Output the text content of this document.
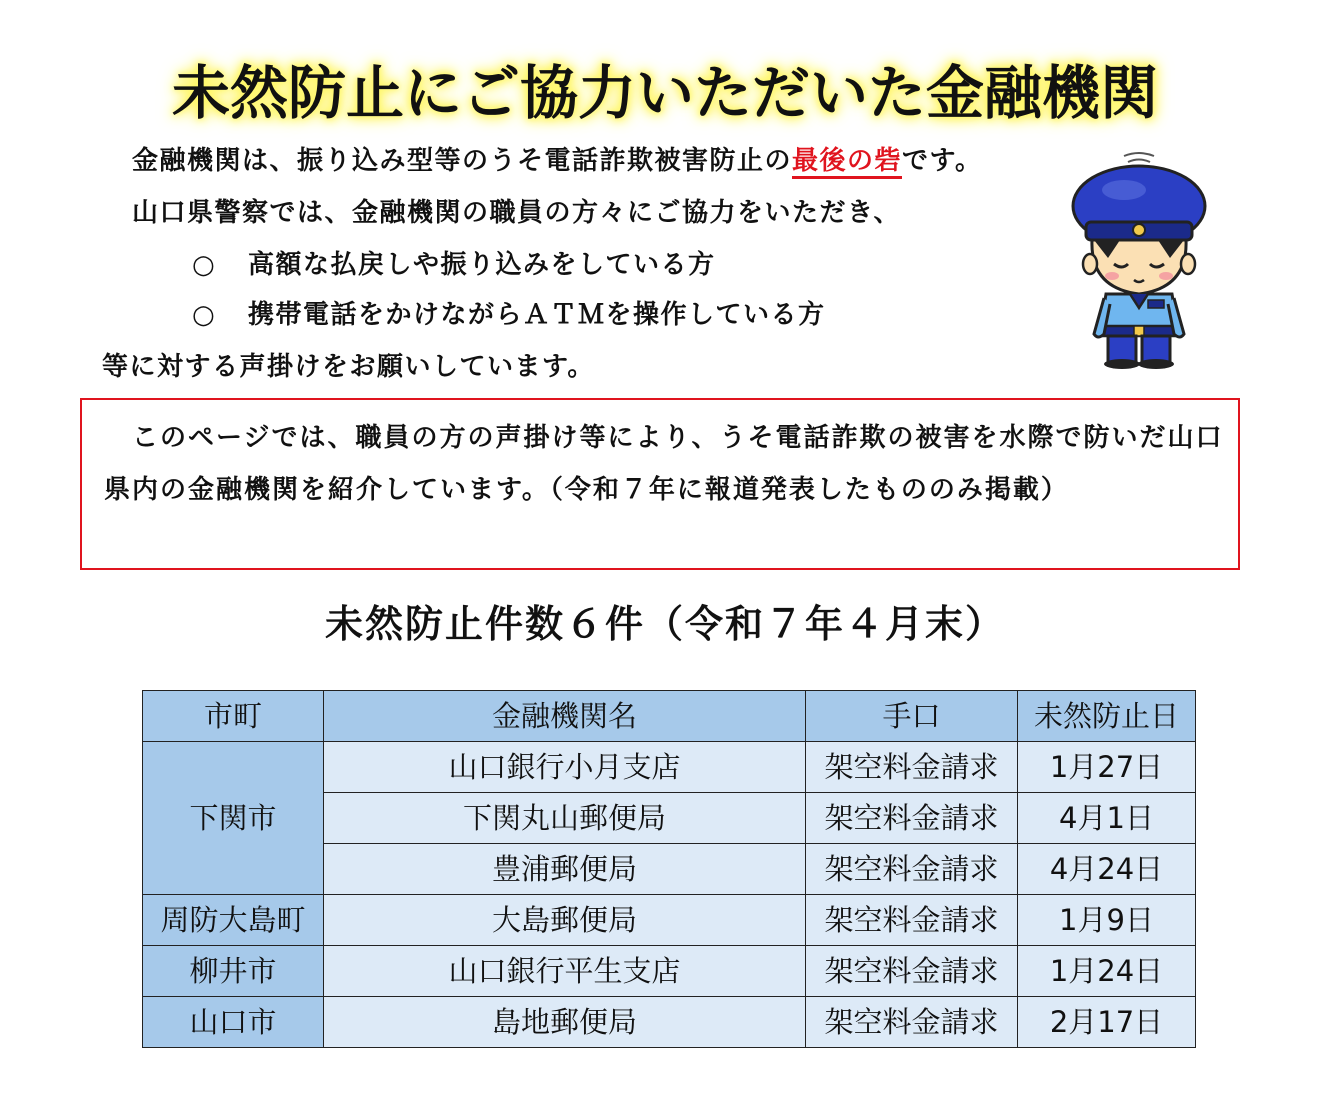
未然防止にご協力いただいた金融機関
金融機関は、振り込み型等のうそ電話詐欺被害防止の最後の砦です。
山口県警察では、金融機関の職員の方々にご協力をいただき、
○ 高額な払戻しや振り込みをしている方
○ 携帯電話をかけながらＡＴＭを操作している方
等に対する声掛けをお願いしています。
　このページでは、職員の方の声掛け等により、うそ電話詐欺の被害を水際で防いだ山口県内の金融機関を紹介しています。（令和７年に報道発表したもののみ掲載）
未然防止件数６件（令和７年４月末）
市町	金融機関名	手口	未然防止日
下関市	山口銀行小月支店	架空料金請求	1月27日
	下関丸山郵便局	架空料金請求	4月1日
	豊浦郵便局	架空料金請求	4月24日
周防大島町	大島郵便局	架空料金請求	1月9日
柳井市	山口銀行平生支店	架空料金請求	1月24日
山口市	島地郵便局	架空料金請求	2月17日
